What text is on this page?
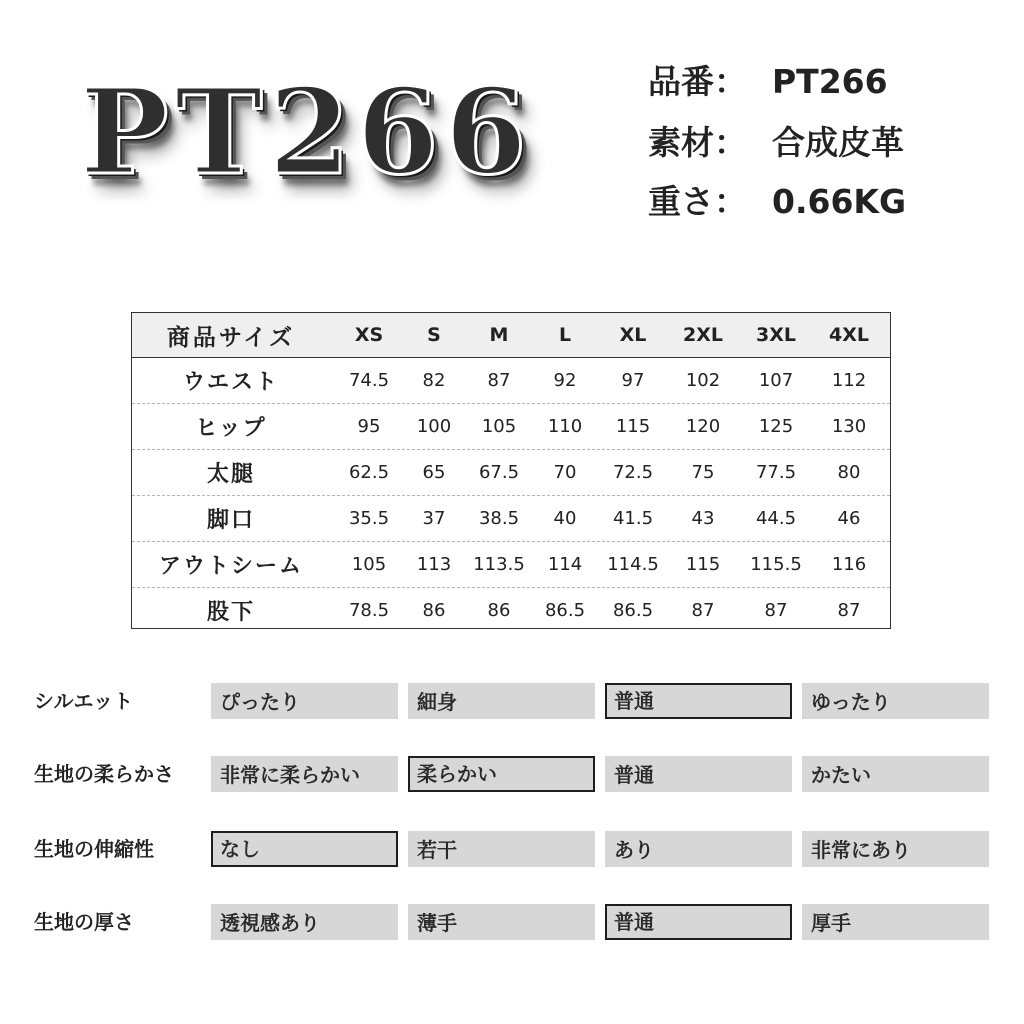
PT266	品番： PT266
素材： 合成皮革
重さ： 0.66KG
商品サイズ	XS	S	M	L	XL	2XL	3XL	4XL
ウエスト	74.5	82	87	92	97	102	107	112
ヒップ	95	100	105	110	115	120	125	130
太腿	62.5	65	67.5	70	72.5	75	77.5	80
脚口	35.5	37	38.5	40	41.5	43	44.5	46
アウトシーム	105	113	113.5	114	114.5	115	115.5	116
股下	78.5	86	86	86.5	86.5	87	87	87
シルエット	ぴったり	細身	普通	ゆったり
生地の柔らかさ	非常に柔らかい	柔らかい	普通	かたい
生地の伸縮性	なし	若干	あり	非常にあり
生地の厚さ	透視感あり	薄手	普通	厚手
